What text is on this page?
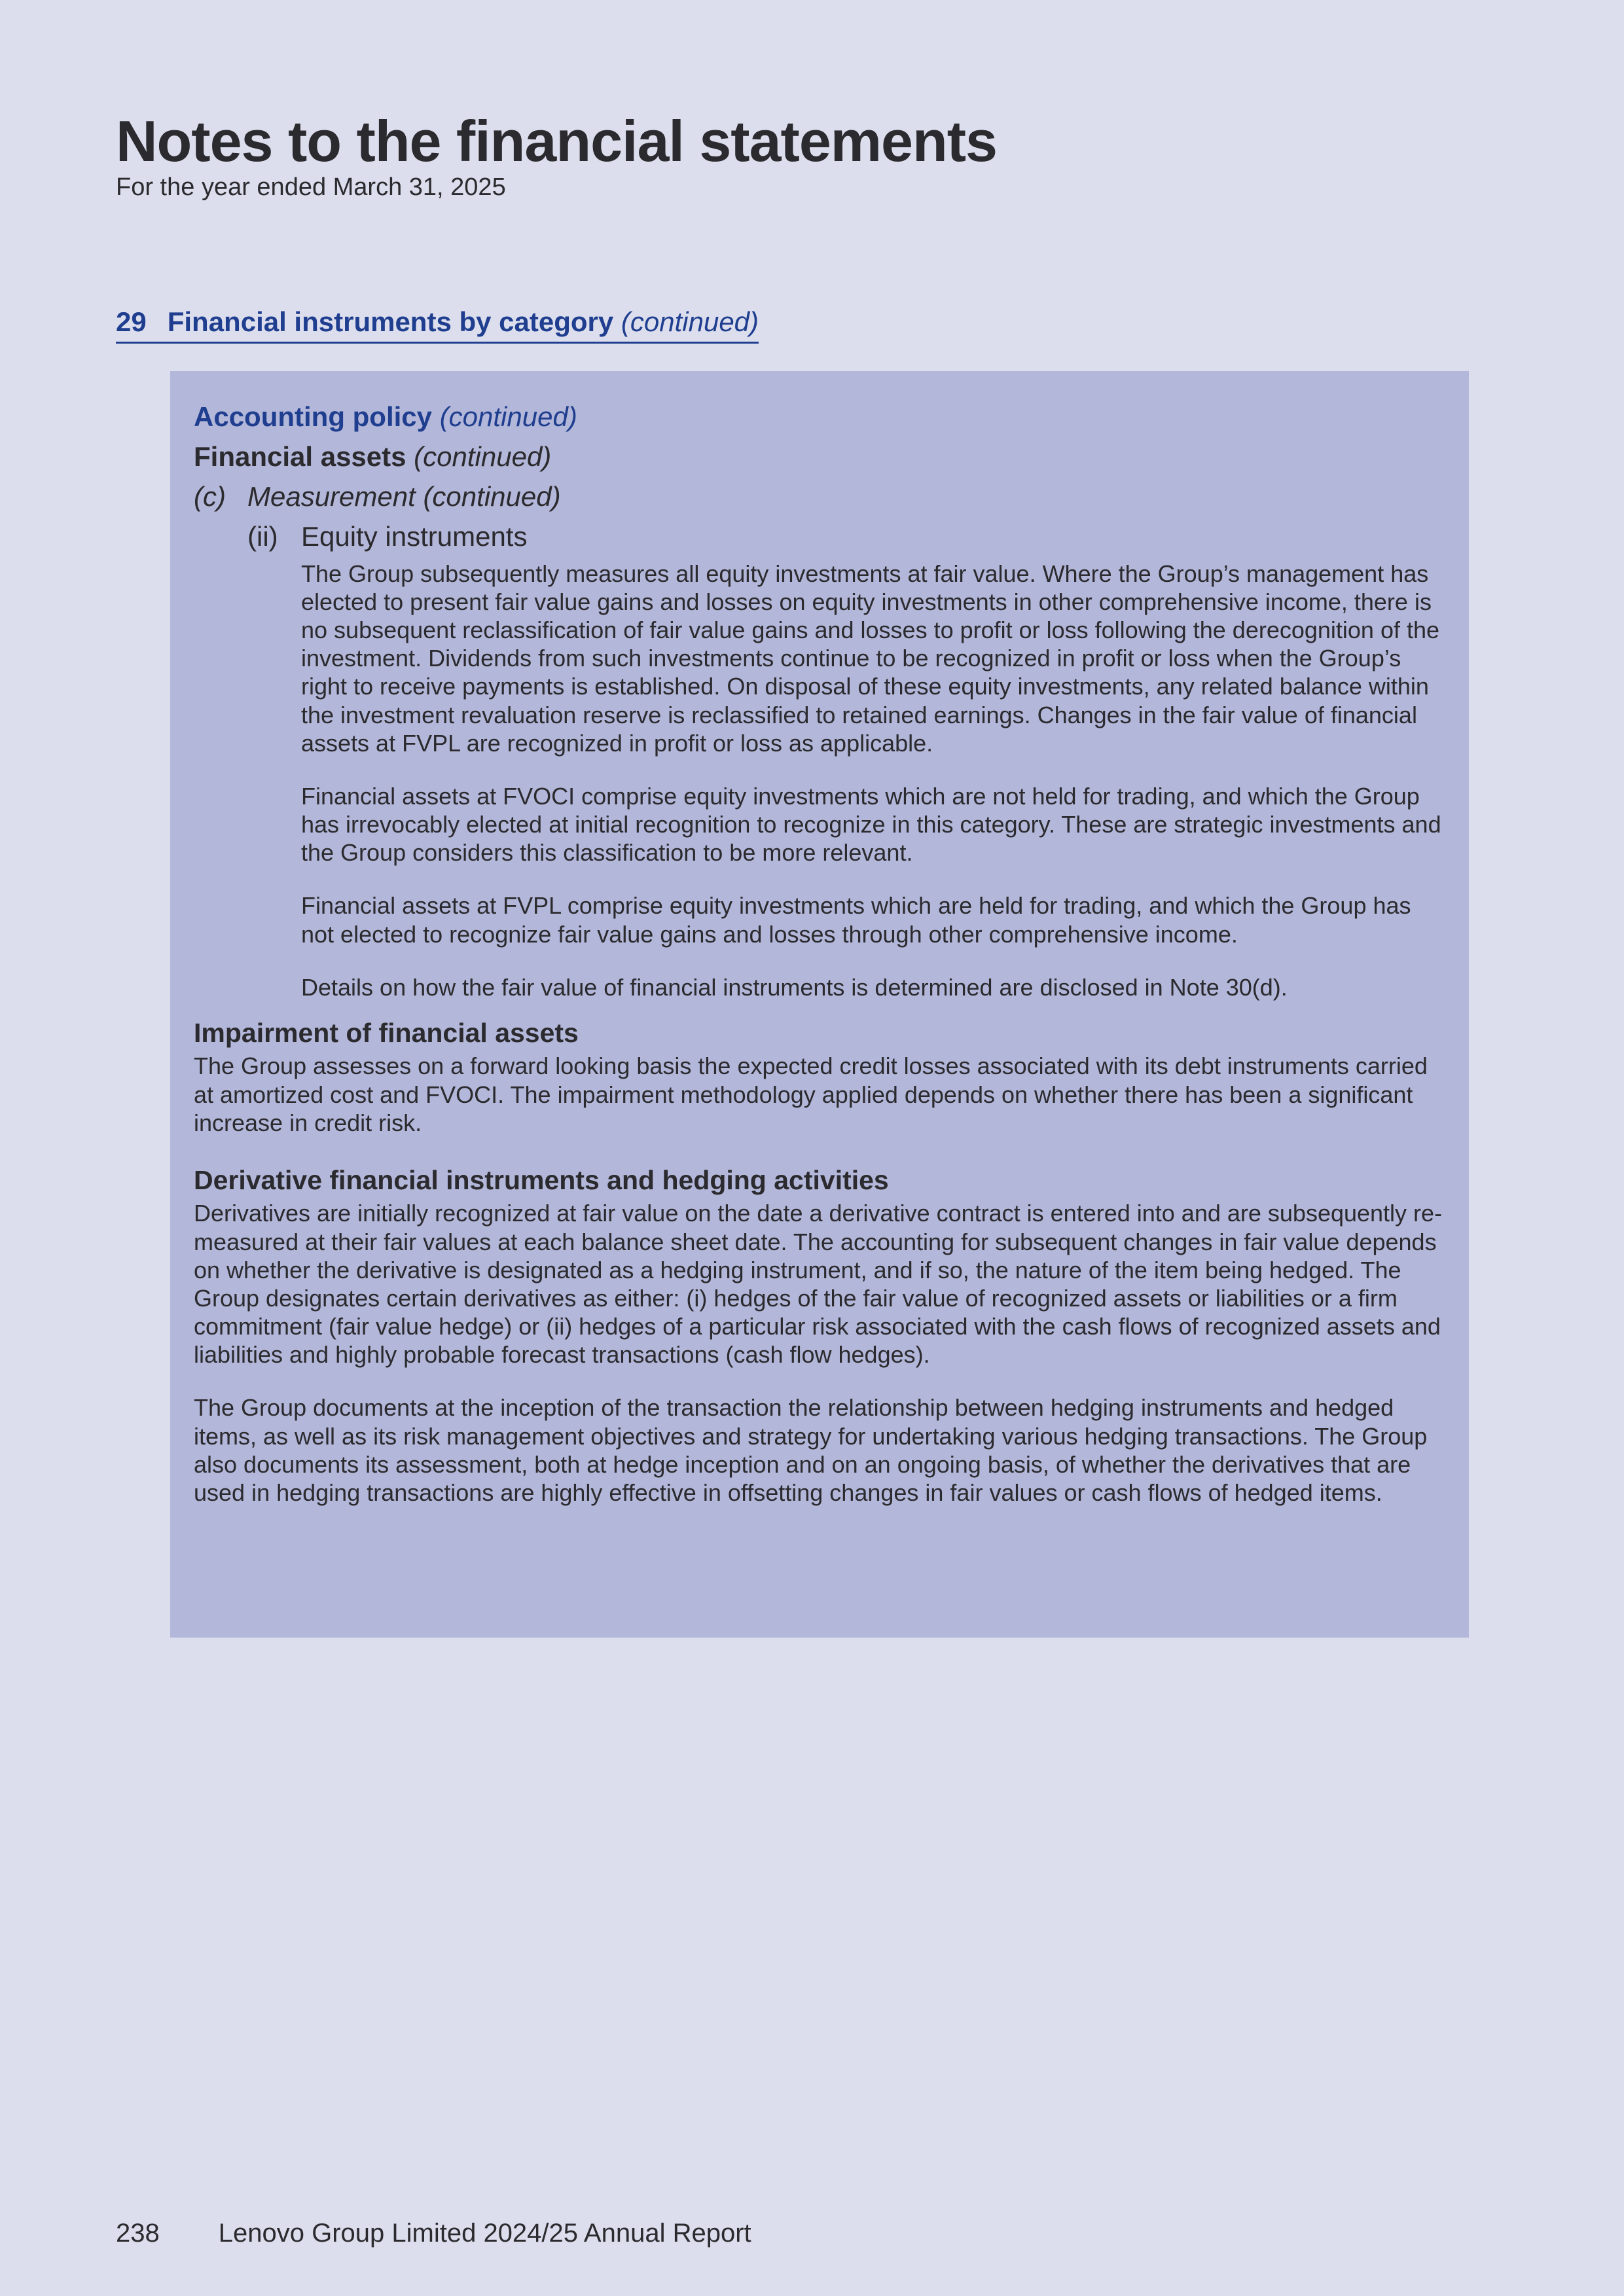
Notes to the financial statements
For the year ended March 31, 2025
29 Financial instruments by category (continued)
Accounting policy (continued)
Financial assets (continued)
(c) Measurement (continued)
(ii) Equity instruments

The Group subsequently measures all equity investments at fair value. Where the Group’s management has elected to present fair value gains and losses on equity investments in other comprehensive income, there is no subsequent reclassification of fair value gains and losses to profit or loss following the derecognition of the investment. Dividends from such investments continue to be recognized in profit or loss when the Group’s right to receive payments is established. On disposal of these equity investments, any related balance within the investment revaluation reserve is reclassified to retained earnings. Changes in the fair value of financial assets at FVPL are recognized in profit or loss as applicable.

Financial assets at FVOCI comprise equity investments which are not held for trading, and which the Group has irrevocably elected at initial recognition to recognize in this category. These are strategic investments and the Group considers this classification to be more relevant.

Financial assets at FVPL comprise equity investments which are held for trading, and which the Group has not elected to recognize fair value gains and losses through other comprehensive income.

Details on how the fair value of financial instruments is determined are disclosed in Note 30(d).

Impairment of financial assets

The Group assesses on a forward looking basis the expected credit losses associated with its debt instruments carried at amortized cost and FVOCI. The impairment methodology applied depends on whether there has been a significant increase in credit risk.

Derivative financial instruments and hedging activities

Derivatives are initially recognized at fair value on the date a derivative contract is entered into and are subsequently re-measured at their fair values at each balance sheet date. The accounting for subsequent changes in fair value depends on whether the derivative is designated as a hedging instrument, and if so, the nature of the item being hedged. The Group designates certain derivatives as either: (i) hedges of the fair value of recognized assets or liabilities or a firm commitment (fair value hedge) or (ii) hedges of a particular risk associated with the cash flows of recognized assets and liabilities and highly probable forecast transactions (cash flow hedges).

The Group documents at the inception of the transaction the relationship between hedging instruments and hedged items, as well as its risk management objectives and strategy for undertaking various hedging transactions. The Group also documents its assessment, both at hedge inception and on an ongoing basis, of whether the derivatives that are used in hedging transactions are highly effective in offsetting changes in fair values or cash flows of hedged items.

238 Lenovo Group Limited 2024/25 Annual Report
